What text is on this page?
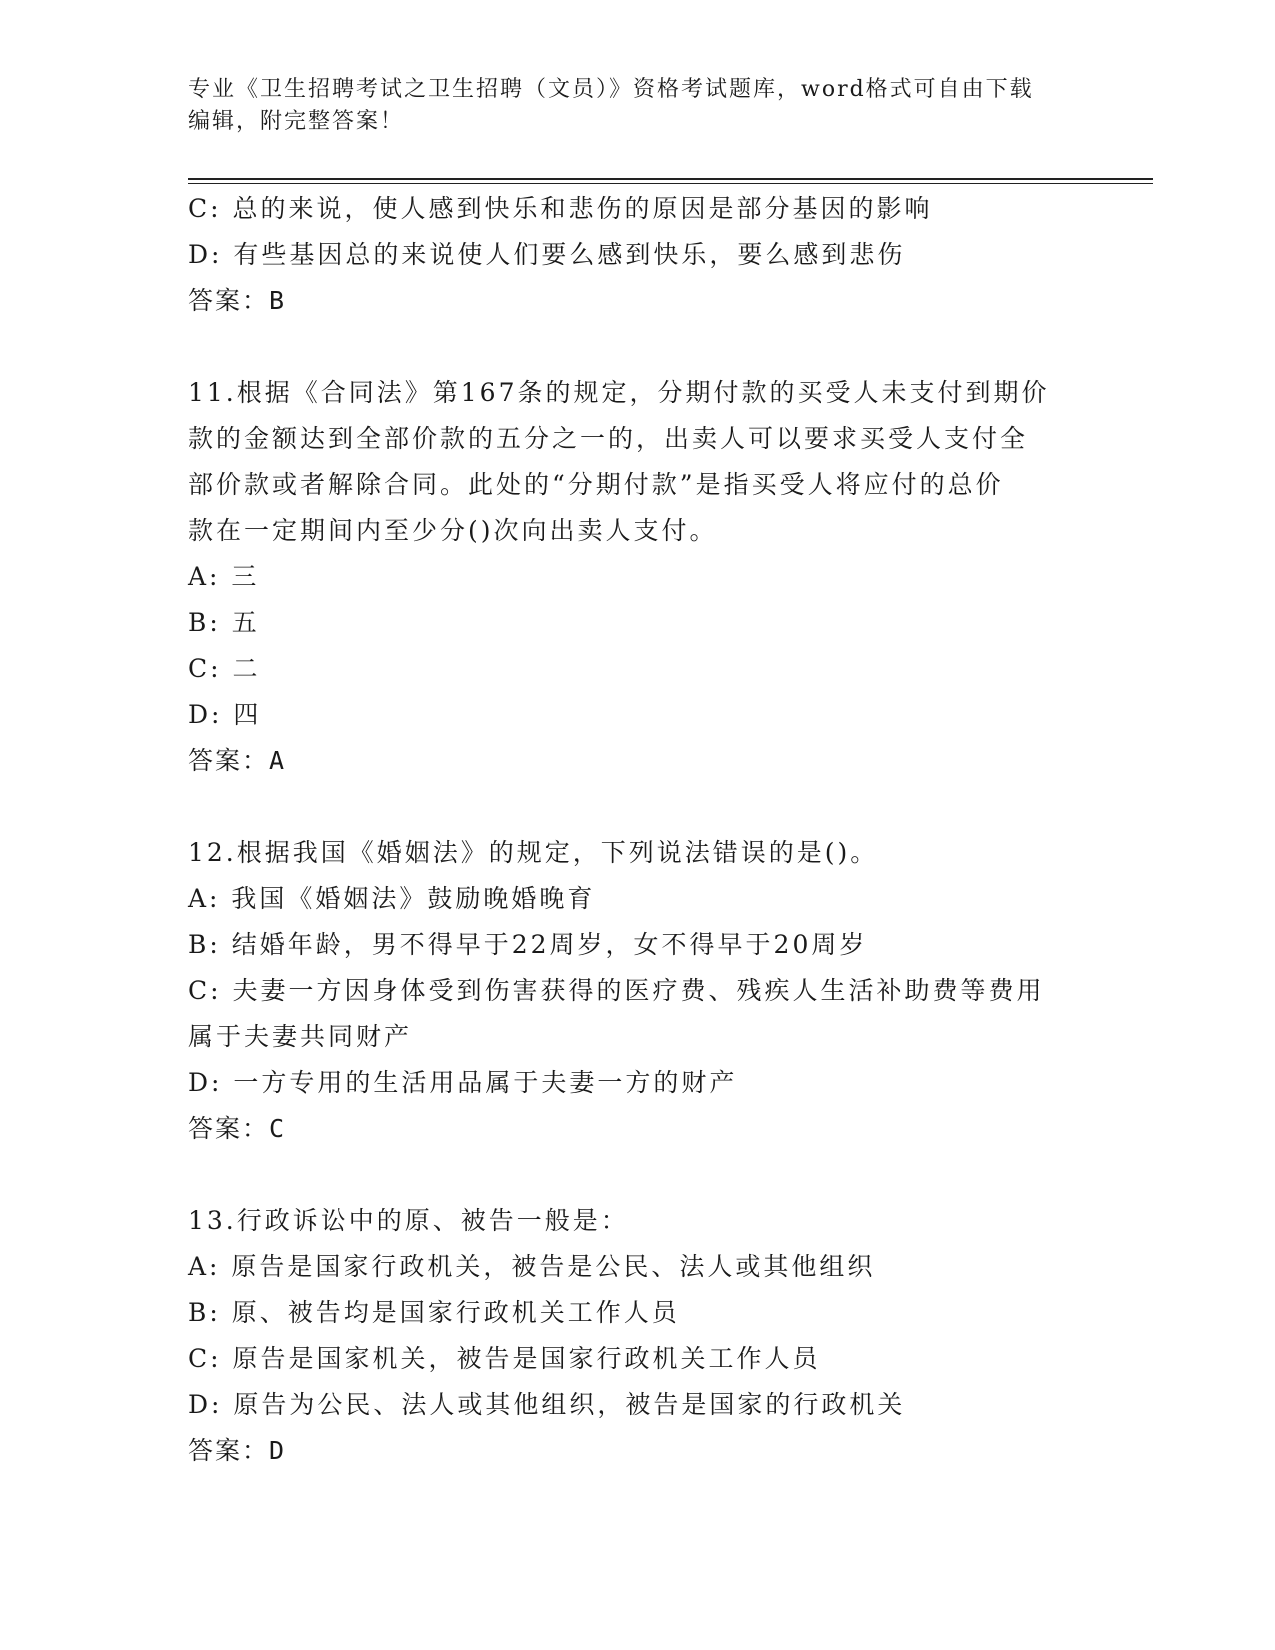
专业《卫生招聘考试之卫生招聘（文员）》资格考试题库，word格式可自由下载
编辑，附完整答案！
C: 总的来说，使人感到快乐和悲伤的原因是部分基因的影响
D: 有些基因总的来说使人们要么感到快乐，要么感到悲伤
答案：B
11.根据《合同法》第167条的规定，分期付款的买受人未支付到期价
款的金额达到全部价款的五分之一的，出卖人可以要求买受人支付全
部价款或者解除合同。此处的“分期付款”是指买受人将应付的总价
款在一定期间内至少分()次向出卖人支付。
A: 三
B: 五
C: 二
D: 四
答案：A
12.根据我国《婚姻法》的规定，下列说法错误的是()。
A: 我国《婚姻法》鼓励晚婚晚育
B: 结婚年龄，男不得早于22周岁，女不得早于20周岁
C: 夫妻一方因身体受到伤害获得的医疗费、残疾人生活补助费等费用
属于夫妻共同财产
D: 一方专用的生活用品属于夫妻一方的财产
答案：C
13.行政诉讼中的原、被告一般是：
A: 原告是国家行政机关，被告是公民、法人或其他组织
B: 原、被告均是国家行政机关工作人员
C: 原告是国家机关，被告是国家行政机关工作人员
D: 原告为公民、法人或其他组织，被告是国家的行政机关
答案：D
